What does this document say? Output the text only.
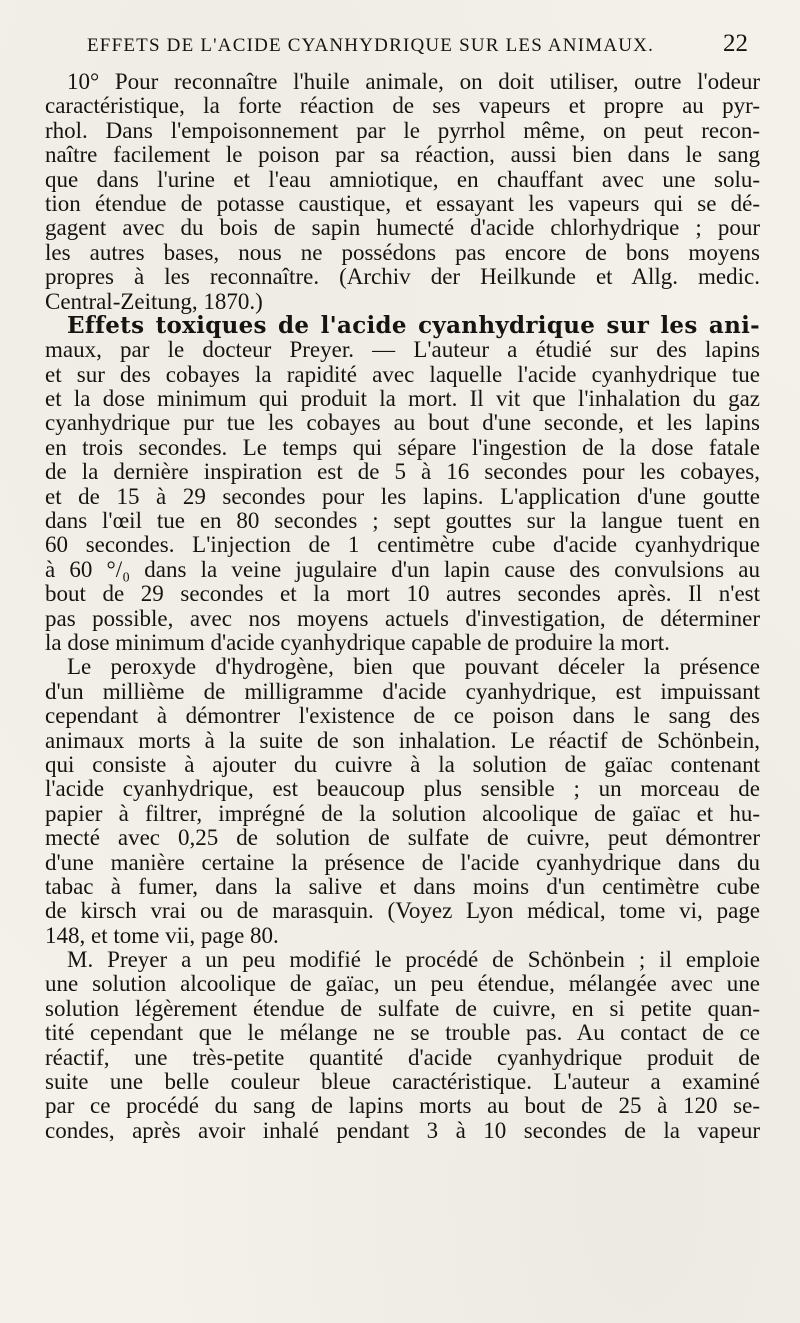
EFFETS DE L'ACIDE CYANHYDRIQUE SUR LES ANIMAUX.	22
10° Pour reconnaître l'huile animale, on doit utiliser, outre l'odeur
caractéristique, la forte réaction de ses vapeurs et propre au pyr-
rhol. Dans l'empoisonnement par le pyrrhol même, on peut recon-
naître facilement le poison par sa réaction, aussi bien dans le sang
que dans l'urine et l'eau amniotique, en chauffant avec une solu-
tion étendue de potasse caustique, et essayant les vapeurs qui se dé-
gagent avec du bois de sapin humecté d'acide chlorhydrique ; pour
les autres bases, nous ne possédons pas encore de bons moyens
propres à les reconnaître. (Archiv der Heilkunde et Allg. medic.
Central-Zeitung, 1870.)
Effets toxiques de l'acide cyanhydrique sur les ani-
maux, par le docteur Preyer. — L'auteur a étudié sur des lapins
et sur des cobayes la rapidité avec laquelle l'acide cyanhydrique tue
et la dose minimum qui produit la mort. Il vit que l'inhalation du gaz
cyanhydrique pur tue les cobayes au bout d'une seconde, et les lapins
en trois secondes. Le temps qui sépare l'ingestion de la dose fatale
de la dernière inspiration est de 5 à 16 secondes pour les cobayes,
et de 15 à 29 secondes pour les lapins. L'application d'une goutte
dans l'œil tue en 80 secondes ; sept gouttes sur la langue tuent en
60 secondes. L'injection de 1 centimètre cube d'acide cyanhydrique
à 60 °/₀ dans la veine jugulaire d'un lapin cause des convulsions au
bout de 29 secondes et la mort 10 autres secondes après. Il n'est
pas possible, avec nos moyens actuels d'investigation, de déterminer
la dose minimum d'acide cyanhydrique capable de produire la mort.
Le peroxyde d'hydrogène, bien que pouvant déceler la présence
d'un millième de milligramme d'acide cyanhydrique, est impuissant
cependant à démontrer l'existence de ce poison dans le sang des
animaux morts à la suite de son inhalation. Le réactif de Schönbein,
qui consiste à ajouter du cuivre à la solution de gaïac contenant
l'acide cyanhydrique, est beaucoup plus sensible ; un morceau de
papier à filtrer, imprégné de la solution alcoolique de gaïac et hu-
mecté avec 0,25 de solution de sulfate de cuivre, peut démontrer
d'une manière certaine la présence de l'acide cyanhydrique dans du
tabac à fumer, dans la salive et dans moins d'un centimètre cube
de kirsch vrai ou de marasquin. (Voyez Lyon médical, tome vi, page
148, et tome vii, page 80.
M. Preyer a un peu modifié le procédé de Schönbein ; il emploie
une solution alcoolique de gaïac, un peu étendue, mélangée avec une
solution légèrement étendue de sulfate de cuivre, en si petite quan-
tité cependant que le mélange ne se trouble pas. Au contact de ce
réactif, une très-petite quantité d'acide cyanhydrique produit de
suite une belle couleur bleue caractéristique. L'auteur a examiné
par ce procédé du sang de lapins morts au bout de 25 à 120 se-
condes, après avoir inhalé pendant 3 à 10 secondes de la vapeur
